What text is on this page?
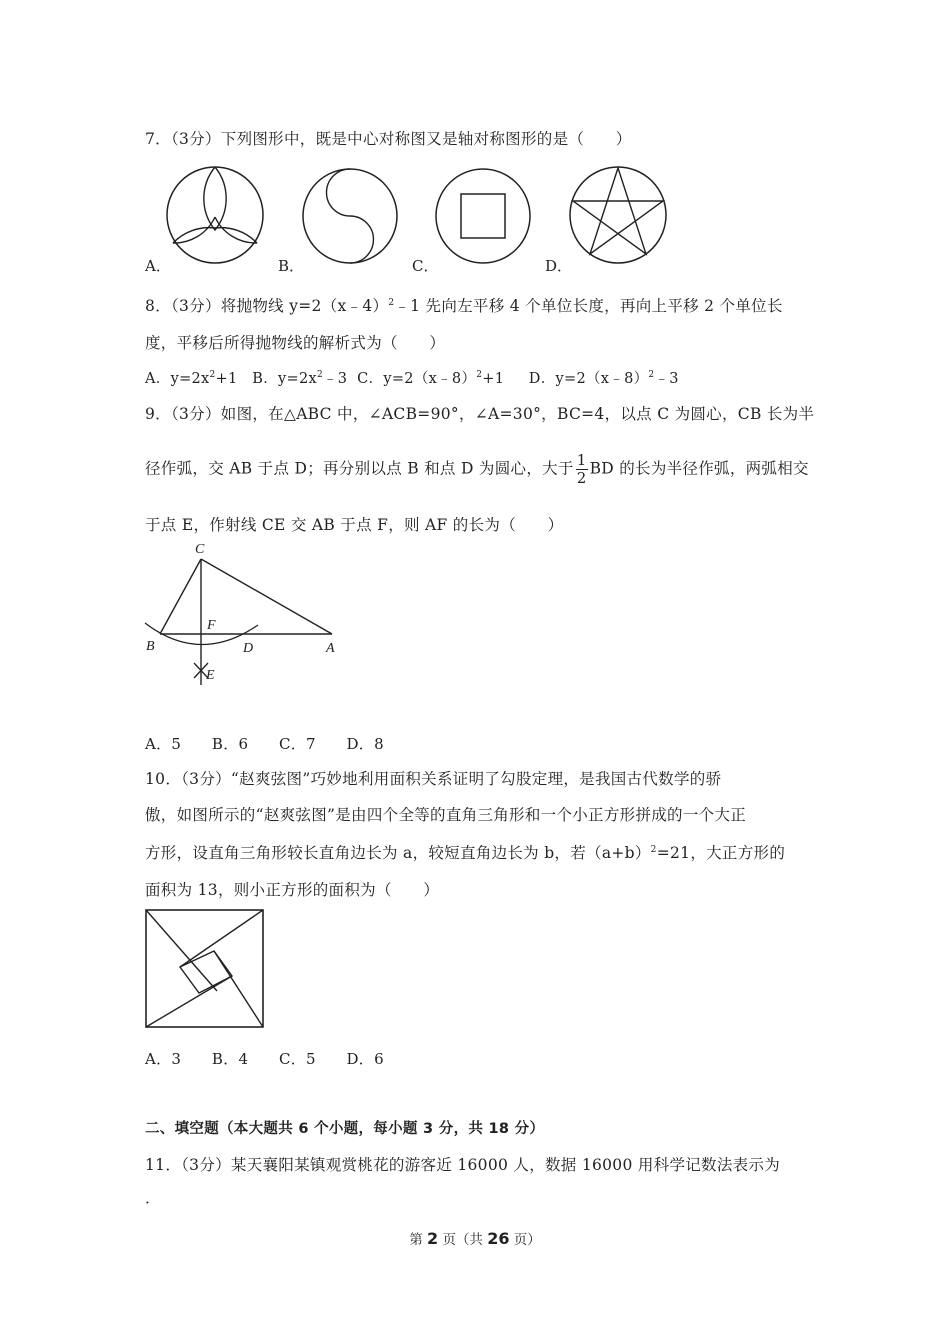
7．（3分）下列图形中，既是中心对称图又是轴对称图形的是（　　）
A．	B．	C．	D．
8．（3分）将抛物线 y=2（x﹣4）$^2$﹣1 先向左平移 4 个单位长度，再向上平移 2 个单位长
度，平移后所得抛物线的解析式为（　　）
A．$y=2x^2+1$ B．$y=2x^2﹣3$ C．y=2（x﹣8）$^2$+1 D．y=2（x﹣8）$^2$﹣3
9．（3分）如图，在△ABC 中，∠ACB=90°，∠A=30°，BC=4，以点 C 为圆心，CB 长为半
径作弧，交 AB 于点 D；再分别以点 B 和点 D 为圆心，大于 $\frac{1}{2}$ BD 的长为半径作弧，两弧相交
于点 E，作射线 CE 交 AB 于点 F，则 AF 的长为（　　）
C
F
B	D	A
E
A．5　　B．6　　C．7　　D．8
10．（3分）“赵爽弦图”巧妙地利用面积关系证明了勾股定理，是我国古代数学的骄
傲，如图所示的“赵爽弦图”是由四个全等的直角三角形和一个小正方形拼成的一个大正
方形，设直角三角形较长直角边长为 a，较短直角边长为 b，若$(a+b)^2=21$，大正方形的
面积为 13，则小正方形的面积为（　　）
A．3　　B．4　　C．5　　D．6
二、填空题（本大题共 6 个小题，每小题 3 分，共 18 分）
11．（3分）某天襄阳某镇观赏桃花的游客近 16000 人，数据 16000 用科学记数法表示为
．
第 2 页（共 26 页）
